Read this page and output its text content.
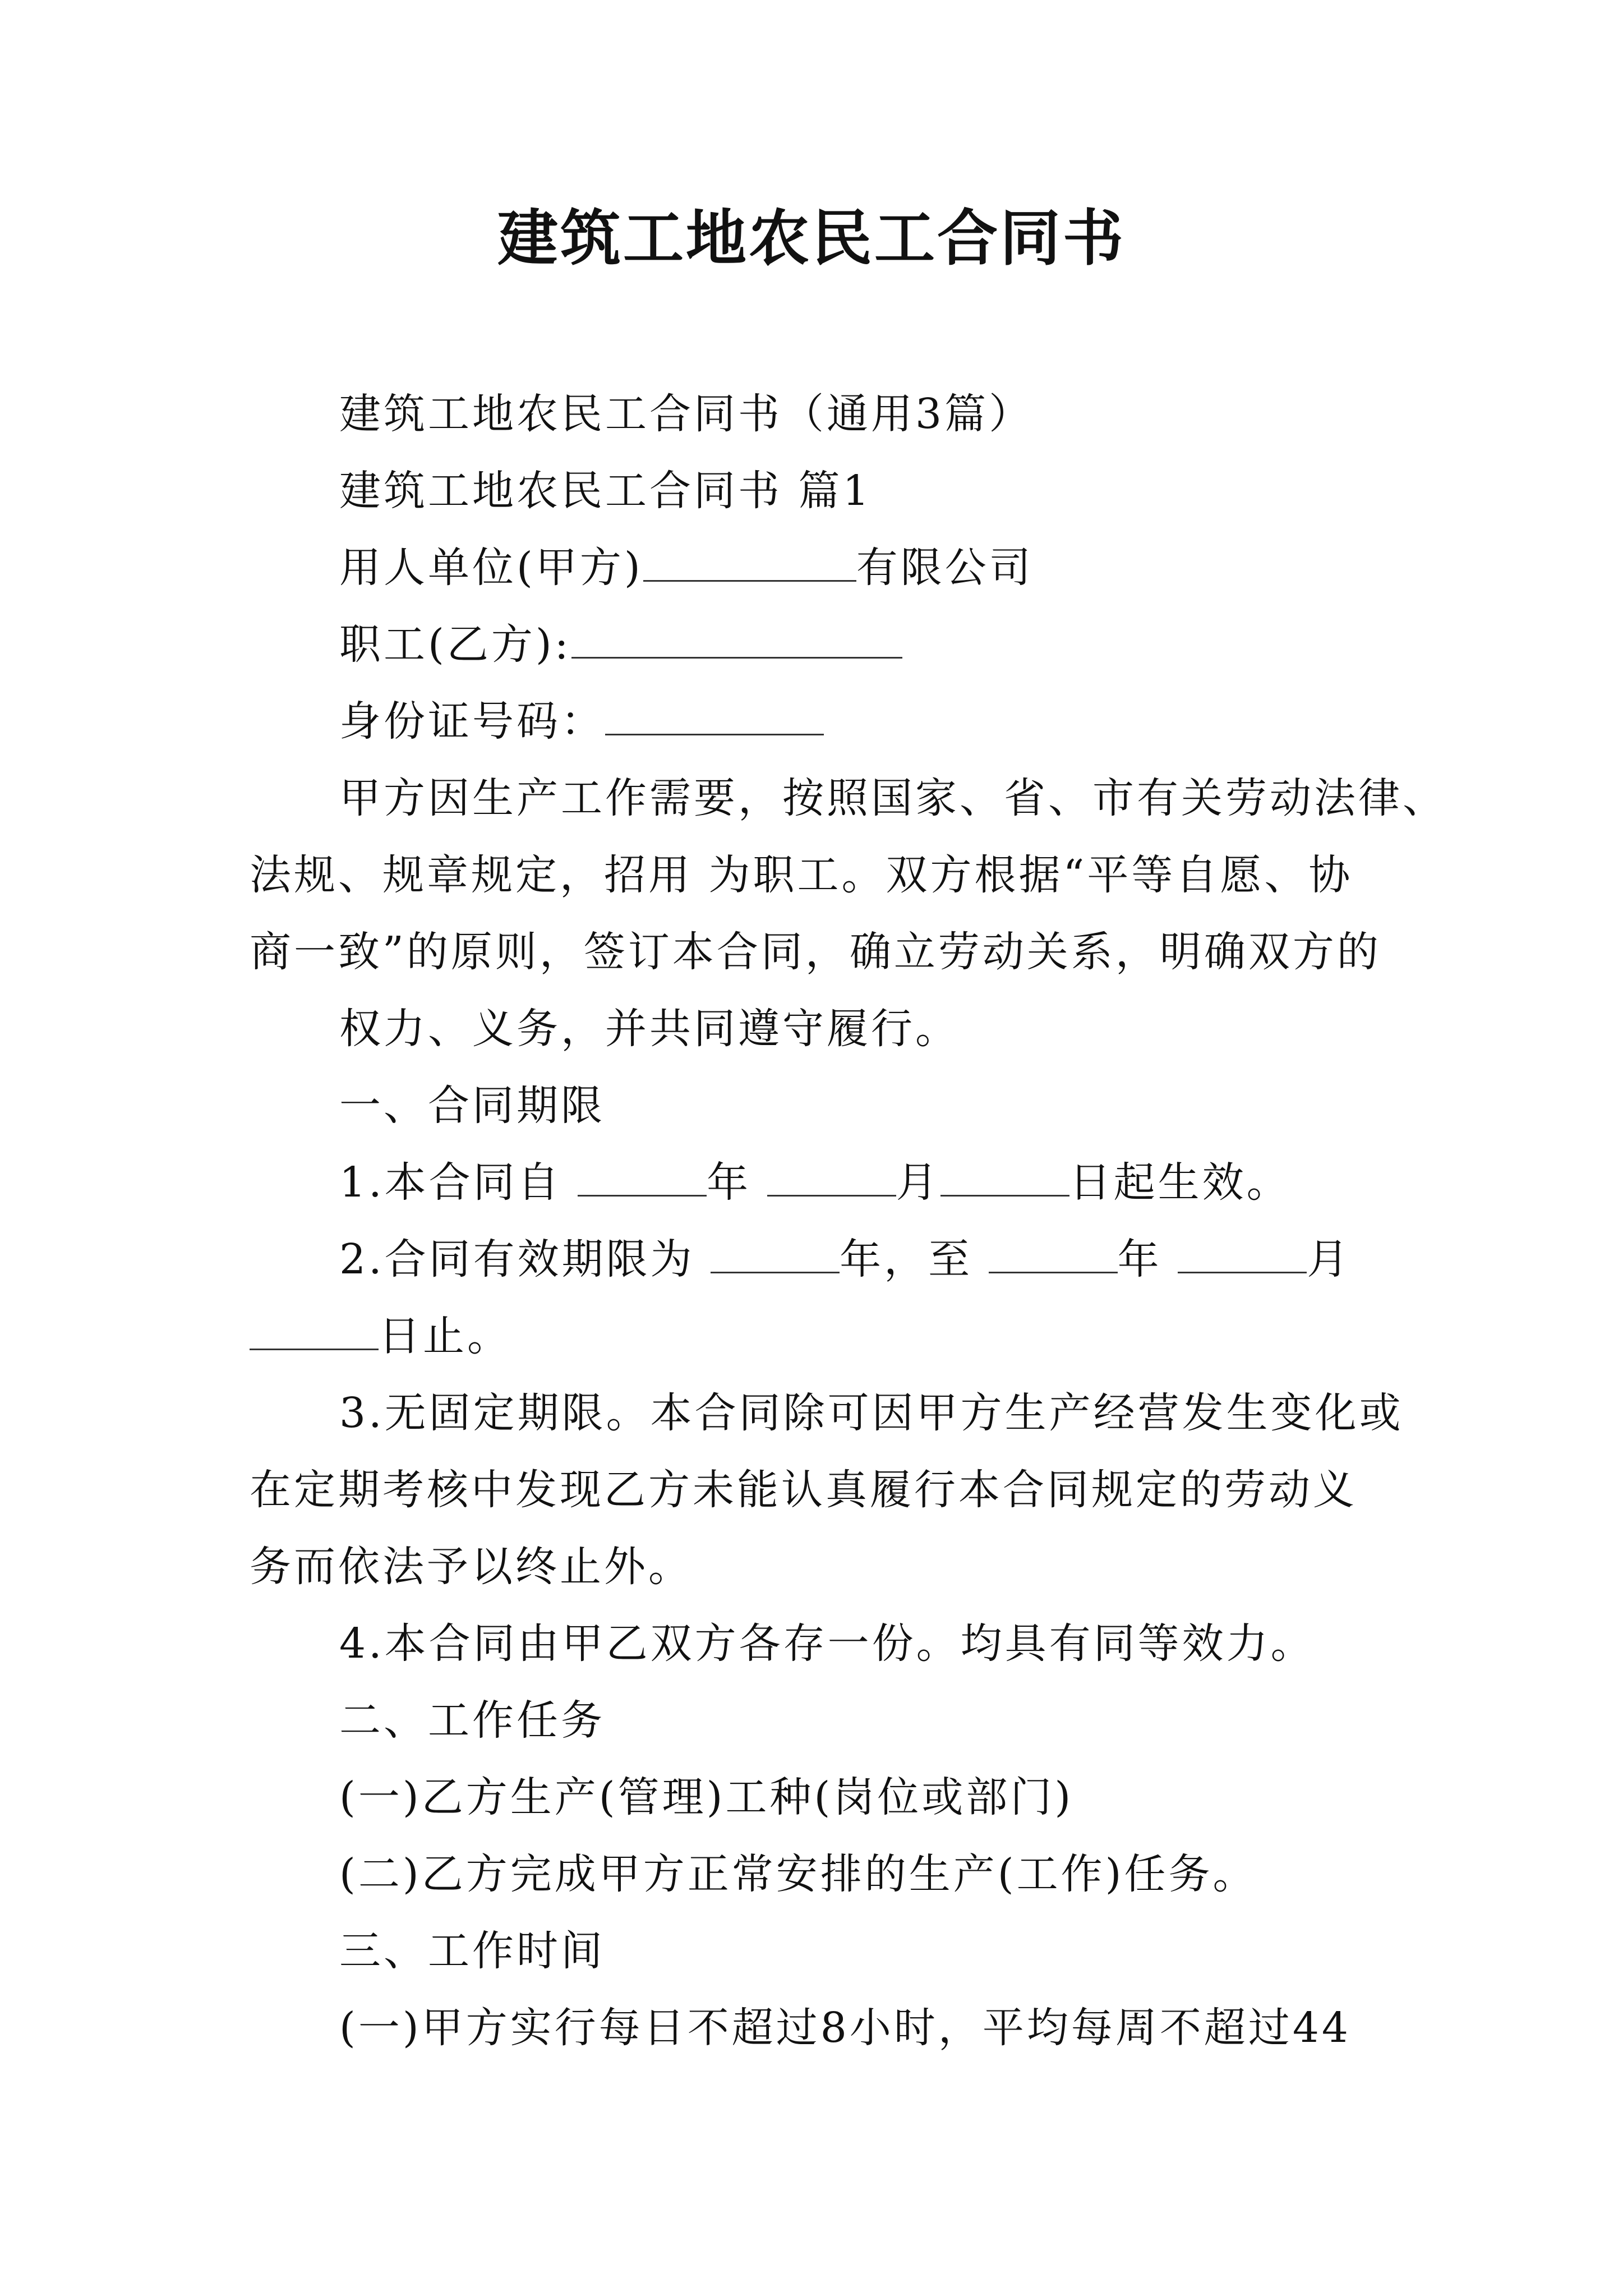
建筑工地农民工合同书
建筑工地农民工合同书（通用3篇）
建筑工地农民工合同书 篇1
用人单位(甲方)	有限公司
职工(乙方):
身份证号码：
甲方因生产工作需要，按照国家、省、市有关劳动法律、
法规、规章规定，招用 为职工。双方根据“平等自愿、协
商一致”的原则，签订本合同，确立劳动关系，明确双方的
权力、义务，并共同遵守履行。
一、合同期限
1.本合同自	年	月	日起生效。
2.合同有效期限为	年，至	年	月
日止。
3.无固定期限。本合同除可因甲方生产经营发生变化或
在定期考核中发现乙方未能认真履行本合同规定的劳动义
务而依法予以终止外。
4.本合同由甲乙双方各存一份。均具有同等效力。
二、工作任务
(一)乙方生产(管理)工种(岗位或部门)
(二)乙方完成甲方正常安排的生产(工作)任务。
三、工作时间
(一)甲方实行每日不超过8小时，平均每周不超过44
